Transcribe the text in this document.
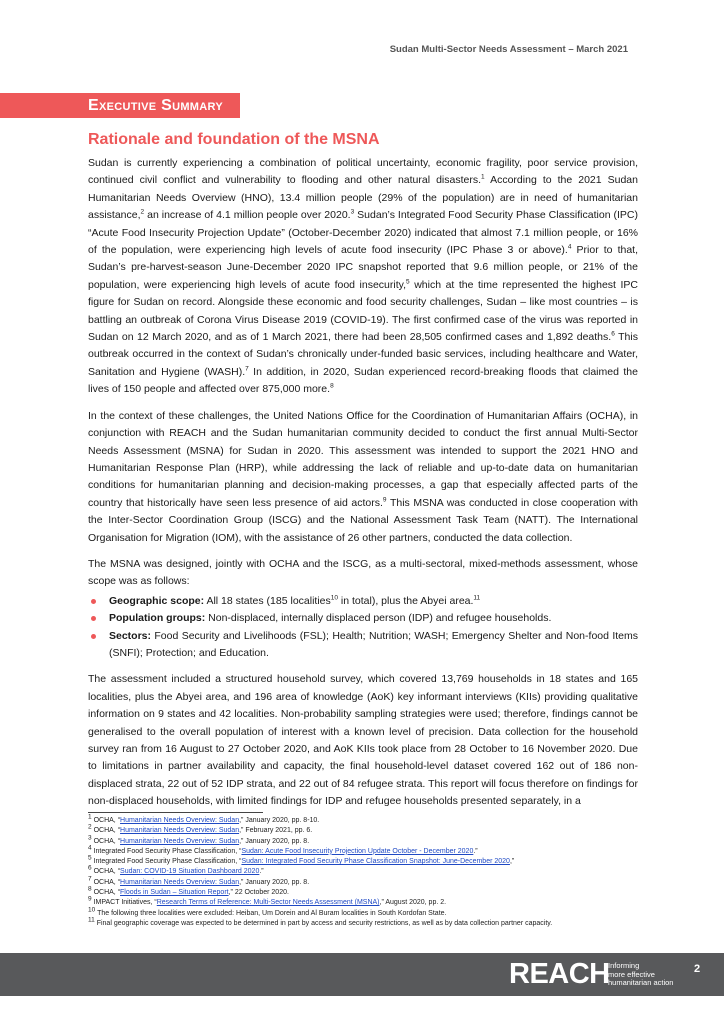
Sudan Multi-Sector Needs Assessment – March 2021
Executive Summary
Rationale and foundation of the MSNA

Sudan is currently experiencing a combination of political uncertainty, economic fragility, poor service provision, continued civil conflict and vulnerability to flooding and other natural disasters.$^1$ According to the 2021 Sudan Humanitarian Needs Overview (HNO), 13.4 million people (29% of the population) are in need of humanitarian assistance,$^2$ an increase of 4.1 million people over 2020.$^3$ Sudan’s Integrated Food Security Phase Classification (IPC) “Acute Food Insecurity Projection Update” (October-December 2020) indicated that almost 7.1 million people, or 16% of the population, were experiencing high levels of acute food insecurity (IPC Phase 3 or above).$^4$ Prior to that, Sudan’s pre-harvest-season June-December 2020 IPC snapshot reported that 9.6 million people, or 21% of the population, were experiencing high levels of acute food insecurity,$^5$ which at the time represented the highest IPC figure for Sudan on record. Alongside these economic and food security challenges, Sudan – like most countries – is battling an outbreak of Corona Virus Disease 2019 (COVID-19). The first confirmed case of the virus was reported in Sudan on 12 March 2020, and as of 1 March 2021, there had been 28,505 confirmed cases and 1,892 deaths.$^6$ This outbreak occurred in the context of Sudan’s chronically under-funded basic services, including healthcare and Water, Sanitation and Hygiene (WASH).$^7$ In addition, in 2020, Sudan experienced record-breaking floods that claimed the lives of 150 people and affected over 875,000 more.$^8$

In the context of these challenges, the United Nations Office for the Coordination of Humanitarian Affairs (OCHA), in conjunction with REACH and the Sudan humanitarian community decided to conduct the first annual Multi-Sector Needs Assessment (MSNA) for Sudan in 2020. This assessment was intended to support the 2021 HNO and Humanitarian Response Plan (HRP), while addressing the lack of reliable and up-to-date data on humanitarian conditions for humanitarian planning and decision-making processes, a gap that especially affected parts of the country that historically have seen less presence of aid actors.$^9$ This MSNA was conducted in close cooperation with the Inter-Sector Coordination Group (ISCG) and the National Assessment Task Team (NATT). The International Organisation for Migration (IOM), with the assistance of 26 other partners, conducted the data collection.

The MSNA was designed, jointly with OCHA and the ISCG, as a multi-sectoral, mixed-methods assessment, whose scope was as follows:

Geographic scope: All 18 states (185 localities$^{10}$ in total), plus the Abyei area.$^{11}$
Population groups: Non-displaced, internally displaced person (IDP) and refugee households.
Sectors: Food Security and Livelihoods (FSL); Health; Nutrition; WASH; Emergency Shelter and Non-food Items (SNFI); Protection; and Education.

The assessment included a structured household survey, which covered 13,769 households in 18 states and 165 localities, plus the Abyei area, and 196 area of knowledge (AoK) key informant interviews (KIIs) providing qualitative information on 9 states and 42 localities. Non-probability sampling strategies were used; therefore, findings cannot be generalised to the overall population of interest with a known level of precision. Data collection for the household survey ran from 16 August to 27 October 2020, and AoK KIIs took place from 28 October to 16 November 2020. Due to limitations in partner availability and capacity, the final household-level dataset covered 162 out of 186 non-displaced strata, 22 out of 52 IDP strata, and 22 out of 84 refugee strata. This report will focus therefore on findings for non-displaced households, with limited findings for IDP and refugee households presented separately, in a

$^1$ OCHA, “Humanitarian Needs Overview: Sudan,” January 2020, pp. 8-10.
$^2$ OCHA, “Humanitarian Needs Overview: Sudan,” February 2021, pp. 6.
$^3$ OCHA, “Humanitarian Needs Overview: Sudan,” January 2020, pp. 8.
$^4$ Integrated Food Security Phase Classification, “Sudan: Acute Food Insecurity Projection Update October - December 2020.”
$^5$ Integrated Food Security Phase Classification, “Sudan: Integrated Food Security Phase Classification Snapshot: June-December 2020,”
$^6$ OCHA, “Sudan: COVID-19 Situation Dashboard 2020.”
$^7$ OCHA, “Humanitarian Needs Overview: Sudan,” January 2020, pp. 8.
$^8$ OCHA, “Floods in Sudan – Situation Report,” 22 October 2020.
$^9$ IMPACT Initiatives, “Research Terms of Reference: Multi-Sector Needs Assessment (MSNA),” August 2020, pp. 2.
$^{10}$ The following three localities were excluded: Heiban, Um Dorein and Al Buram localities in South Kordofan State.
$^{11}$ Final geographic coverage was expected to be determined in part by access and security restrictions, as well as by data collection partner capacity.
REACH
Informing
more effective
humanitarian action
2
